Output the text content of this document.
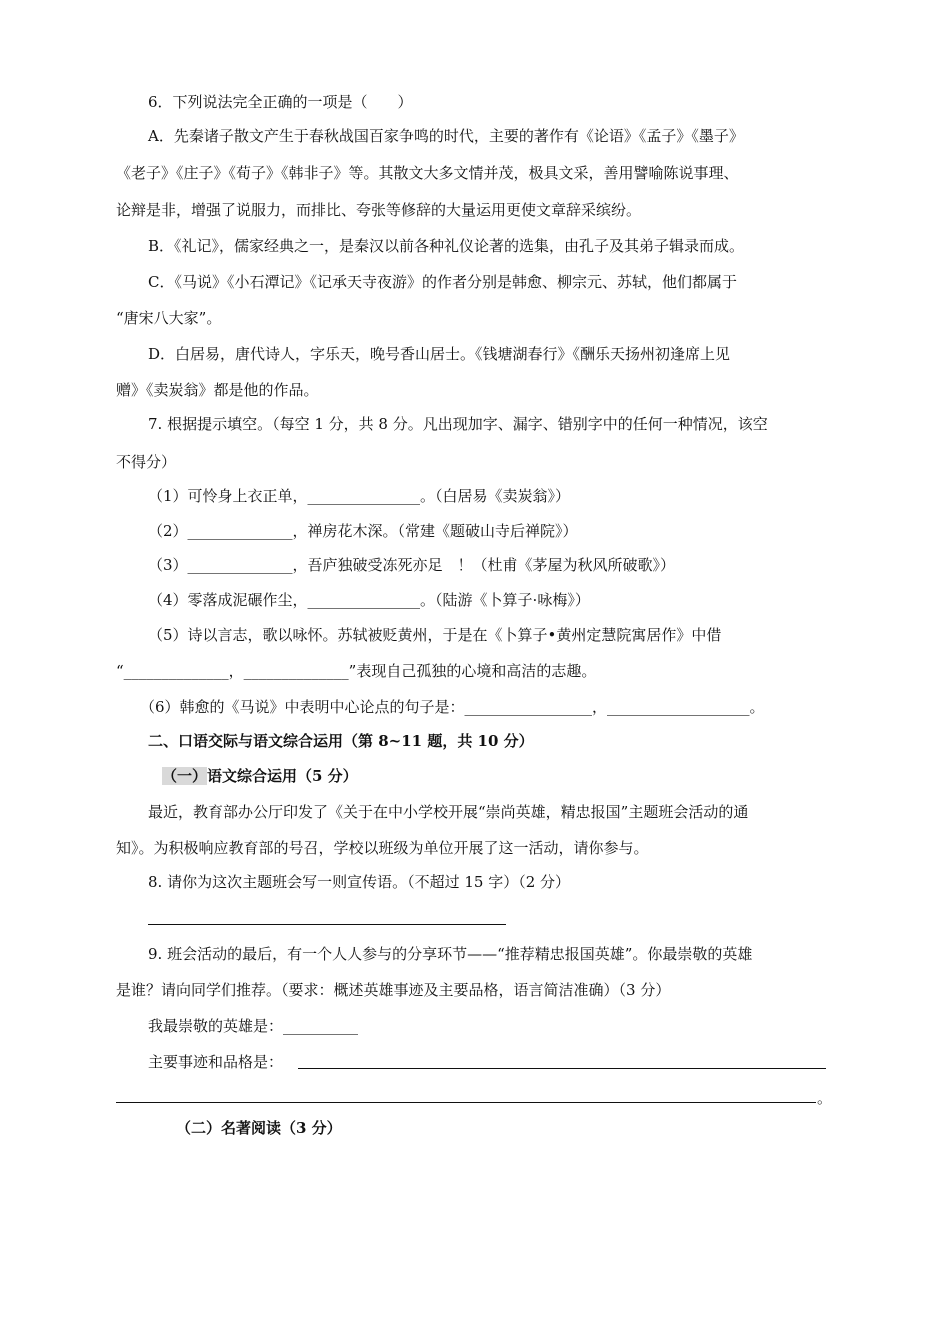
6．下列说法完全正确的一项是（　　）
A．先秦诸子散文产生于春秋战国百家争鸣的时代，主要的著作有《论语》《孟子》《墨子》
《老子》《庄子》《荀子》《韩非子》等。其散文大多文情并茂，极具文采，善用譬喻陈说事理、
论辩是非，增强了说服力，而排比、夸张等修辞的大量运用更使文章辞采缤纷。
B．《礼记》，儒家经典之一，是秦汉以前各种礼仪论著的选集，由孔子及其弟子辑录而成。
C．《马说》《小石潭记》《记承天寺夜游》的作者分别是韩愈、柳宗元、苏轼，他们都属于
“唐宋八大家”。
D．白居易，唐代诗人，字乐天，晚号香山居士。《钱塘湖春行》《酬乐天扬州初逢席上见
赠》《卖炭翁》都是他的作品。
7. 根据提示填空。（每空 1 分，共 8 分。凡出现加字、漏字、错别字中的任何一种情况，该空
不得分）
（1）可怜身上衣正单，_______________。（白居易《卖炭翁》）
（2）______________，禅房花木深。（常建《题破山寺后禅院》）
（3）______________，吾庐独破受冻死亦足　！（杜甫《茅屋为秋风所破歌》）
（4）零落成泥碾作尘，_______________。（陆游《卜算子·咏梅》）
（5）诗以言志，歌以咏怀。苏轼被贬黄州，于是在《卜算子•黄州定慧院寓居作》中借
“______________，______________”表现自己孤独的心境和高洁的志趣。
（6）韩愈的《马说》中表明中心论点的句子是：_________________，___________________。
二、口语交际与语文综合运用（第 8~11 题，共 10 分）
（一）语文综合运用（5 分）
最近，教育部办公厅印发了《关于在中小学校开展“崇尚英雄，精忠报国”主题班会活动的通
知》。为积极响应教育部的号召，学校以班级为单位开展了这一活动，请你参与。
8. 请你为这次主题班会写一则宣传语。（不超过 15 字）（2 分）
9. 班会活动的最后，有一个人人参与的分享环节——“推荐精忠报国英雄”。你最崇敬的英雄
是谁？请向同学们推荐。（要求：概述英雄事迹及主要品格，语言简洁准确）（3 分）
我最崇敬的英雄是：__________
主要事迹和品格是：
。
（二）名著阅读（3 分）
